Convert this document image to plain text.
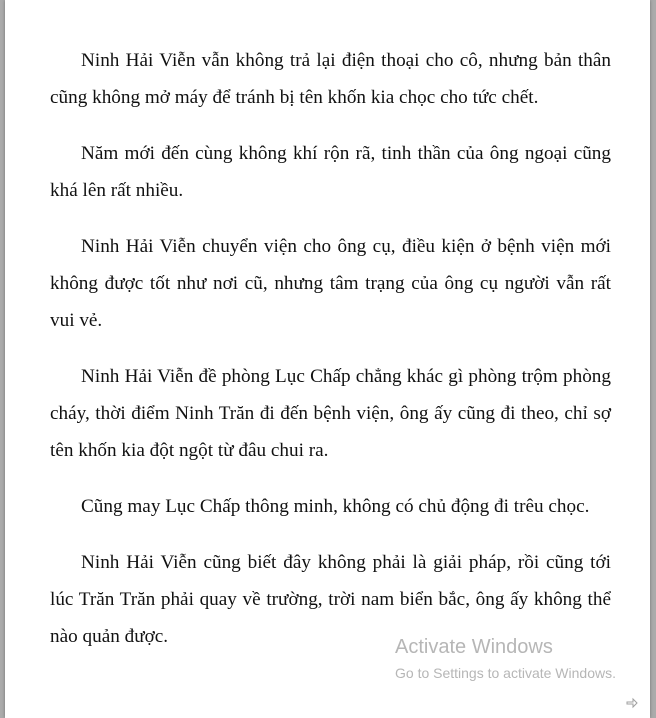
Ninh Hải Viễn vẫn không trả lại điện thoại cho cô, nhưng bản thân cũng không mở máy để tránh bị tên khốn kia chọc cho tức chết.

Năm mới đến cùng không khí rộn rã, tinh thần của ông ngoại cũng khá lên rất nhiều.

Ninh Hải Viễn chuyển viện cho ông cụ, điều kiện ở bệnh viện mới không được tốt như nơi cũ, nhưng tâm trạng của ông cụ người vẫn rất vui vẻ.

Ninh Hải Viễn đề phòng Lục Chấp chẳng khác gì phòng trộm phòng cháy, thời điểm Ninh Trăn đi đến bệnh viện, ông ấy cũng đi theo, chỉ sợ tên khốn kia đột ngột từ đâu chui ra.

Cũng may Lục Chấp thông minh, không có chủ động đi trêu chọc.

Ninh Hải Viễn cũng biết đây không phải là giải pháp, rồi cũng tới lúc Trăn Trăn phải quay về trường, trời nam biển bắc, ông ấy không thể nào quản được.	Activate Windows
Go to Settings to activate Windows.
